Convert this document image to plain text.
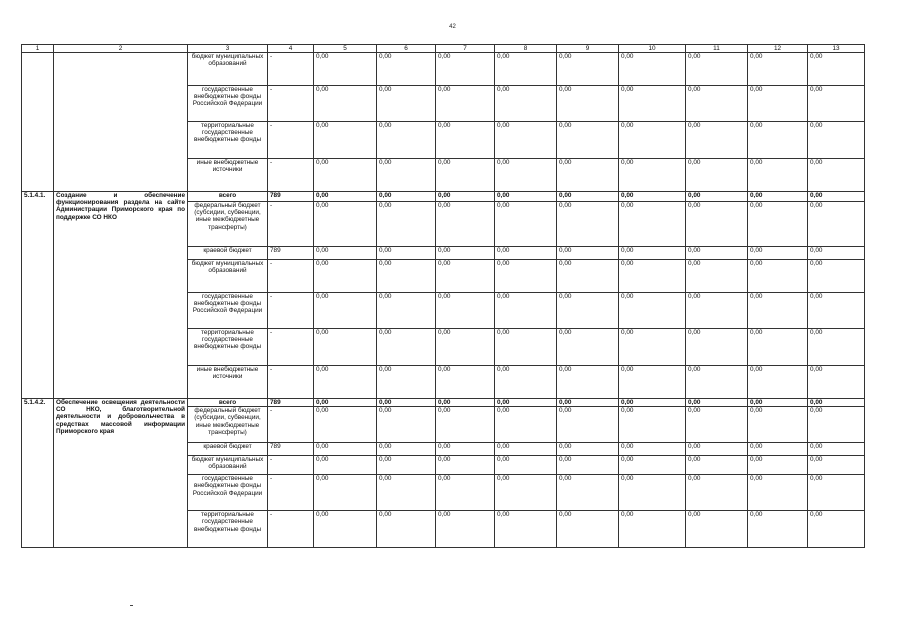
42
1	2	3	4	5	6	7	8	9	10	11	12	13
		бюджет муниципальных образований	-	0,00	0,00	0,00	0,00	0,00	0,00	0,00	0,00	0,00
		государственные внебюджетные фонды Российской Федерации	-	0,00	0,00	0,00	0,00	0,00	0,00	0,00	0,00	0,00
		территориальные государственные внебюджетные фонды	-	0,00	0,00	0,00	0,00	0,00	0,00	0,00	0,00	0,00
		иные внебюджетные источники	-	0,00	0,00	0,00	0,00	0,00	0,00	0,00	0,00	0,00
5.1.4.1.	Создание и обеспечение функционирования раздела на сайте Администрации Приморского края по поддержке СО НКО	всего	789	0,00	0,00	0,00	0,00	0,00	0,00	0,00	0,00	0,00
		федеральный бюджет (субсидии, субвенции, иные межбюджетные трансферты)	-	0,00	0,00	0,00	0,00	0,00	0,00	0,00	0,00	0,00
		краевой бюджет	789	0,00	0,00	0,00	0,00	0,00	0,00	0,00	0,00	0,00
		бюджет муниципальных образований	-	0,00	0,00	0,00	0,00	0,00	0,00	0,00	0,00	0,00
		государственные внебюджетные фонды Российской Федерации	-	0,00	0,00	0,00	0,00	0,00	0,00	0,00	0,00	0,00
		территориальные государственные внебюджетные фонды	-	0,00	0,00	0,00	0,00	0,00	0,00	0,00	0,00	0,00
		иные внебюджетные источники	-	0,00	0,00	0,00	0,00	0,00	0,00	0,00	0,00	0,00
5.1.4.2.	Обеспечение освещения деятельности СО НКО, благотворительной деятельности и добровольчества в средствах массовой информации Приморского края	всего	789	0,00	0,00	0,00	0,00	0,00	0,00	0,00	0,00	0,00
		федеральный бюджет (субсидии, субвенции, иные межбюджетные трансферты)	-	0,00	0,00	0,00	0,00	0,00	0,00	0,00	0,00	0,00
		краевой бюджет	789	0,00	0,00	0,00	0,00	0,00	0,00	0,00	0,00	0,00
		бюджет муниципальных образований	-	0,00	0,00	0,00	0,00	0,00	0,00	0,00	0,00	0,00
		государственные внебюджетные фонды Российской Федерации	-	0,00	0,00	0,00	0,00	0,00	0,00	0,00	0,00	0,00
		территориальные государственные внебюджетные фонды	-	0,00	0,00	0,00	0,00	0,00	0,00	0,00	0,00	0,00
